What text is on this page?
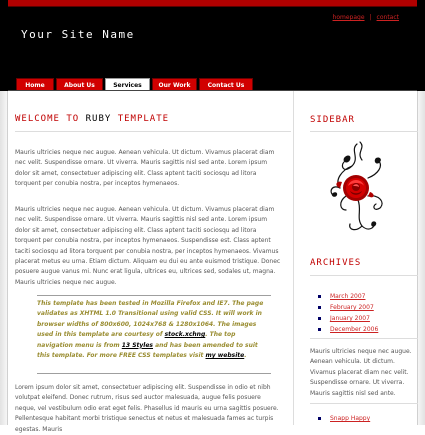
Your Site Name
homepage | contact
Home	About Us	Services	Our Work	Contact Us
WELCOME TO RUBY TEMPLATE

Mauris ultricies neque nec augue. Aenean vehicula. Ut dictum. Vivamus placerat diam nec velit. Suspendisse ornare. Ut viverra. Mauris sagittis nisl sed ante. Lorem ipsum dolor sit amet, consectetuer adipiscing elit. Class aptent taciti sociosqu ad litora torquent per conubia nostra, per inceptos hymenaeos.

Mauris ultricies neque nec augue. Aenean vehicula. Ut dictum. Vivamus placerat diam nec velit. Suspendisse ornare. Ut viverra. Mauris sagittis nisl sed ante. Lorem ipsum dolor sit amet, consectetuer adipiscing elit. Class aptent taciti sociosqu ad litora torquent per conubia nostra, per inceptos hymenaeos. Suspendisse est. Class aptent taciti sociosqu ad litora torquent per conubia nostra, per inceptos hymenaeos. Vivamus placerat metus eu urna. Etiam dictum. Aliquam eu dui eu ante euismod tristique. Donec posuere augue vanus mi. Nunc erat ligula, ultrices eu, ultrices sed, sodales ut, magna. Mauris ultricies neque nec augue.

This template has been tested in Mozilla Firefox and IE7. The page validates as XHTML 1.0 Transitional using valid CSS. It will work in browser widths of 800x600, 1024x768 & 1280x1064. The images used in this template are courtesy of stock.xchng. The top navigation menu is from 13 Styles and has been amended to suit this template. For more FREE CSS templates visit my website.

Lorem ipsum dolor sit amet, consectetuer adipiscing elit. Suspendisse in odio et nibh volutpat eleifend. Donec rutrum, risus sed auctor malesuada, augue felis posuere neque, vel vestibulum odio erat eget felis. Phasellus id mauris eu urna sagittis posuere. Pellentesque habitant morbi tristique senectus et netus et malesuada fames ac turpis egestas. Mauris

SIDEBAR
ARCHIVES
March 2007
February 2007
January 2007
December 2006

Mauris ultricies neque nec augue. Aenean vehicula. Ut dictum. Vivamus placerat diam nec velit. Suspendisse ornare. Ut viverra. Mauris sagittis nisl sed ante.

Snapp Happy
